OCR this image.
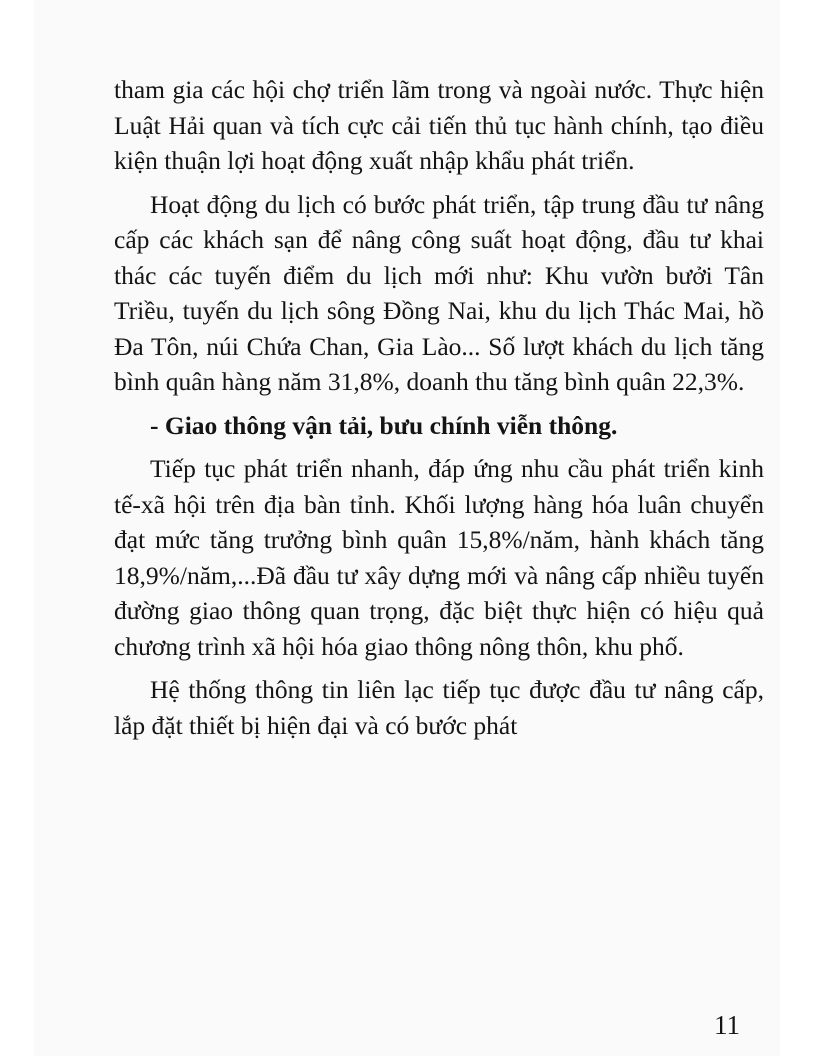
tham gia các hội chợ triển lãm trong và ngoài nước. Thực hiện Luật Hải quan và tích cực cải tiến thủ tục hành chính, tạo điều kiện thuận lợi hoạt động xuất nhập khẩu phát triển.

Hoạt động du lịch có bước phát triển, tập trung đầu tư nâng cấp các khách sạn để nâng công suất hoạt động, đầu tư khai thác các tuyến điểm du lịch mới như: Khu vườn bưởi Tân Triều, tuyến du lịch sông Đồng Nai, khu du lịch Thác Mai, hồ Đa Tôn, núi Chứa Chan, Gia Lào... Số lượt khách du lịch tăng bình quân hàng năm 31,8%, doanh thu tăng bình quân 22,3%.

- Giao thông vận tải, bưu chính viễn thông.

Tiếp tục phát triển nhanh, đáp ứng nhu cầu phát triển kinh tế-xã hội trên địa bàn tỉnh. Khối lượng hàng hóa luân chuyển đạt mức tăng trưởng bình quân 15,8%/năm, hành khách tăng 18,9%/năm,...Đã đầu tư xây dựng mới và nâng cấp nhiều tuyến đường giao thông quan trọng, đặc biệt thực hiện có hiệu quả chương trình xã hội hóa giao thông nông thôn, khu phố.

Hệ thống thông tin liên lạc tiếp tục được đầu tư nâng cấp, lắp đặt thiết bị hiện đại và có bước phát

11
